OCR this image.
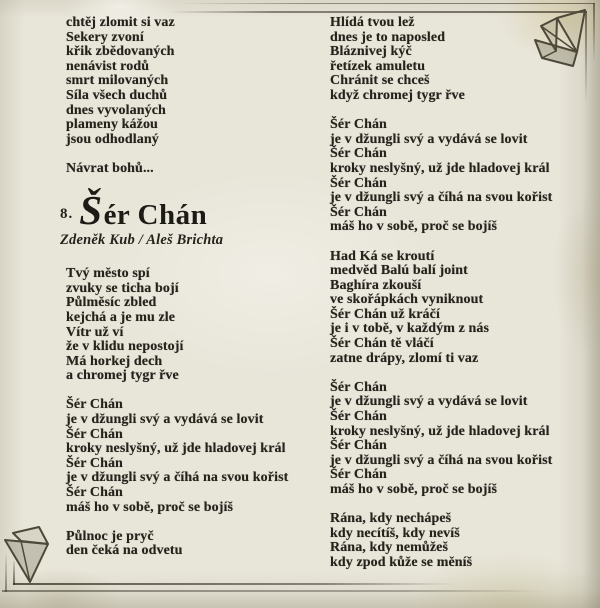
chtěj zlomit si vaz
Sekery zvoní
křik zbědovaných
nenávist rodů
smrt milovaných
Síla všech duchů
dnes vyvolaných
plameny kážou
jsou odhodlaný
Návrat bohů...
8. Šér Chán
Zdeněk Kub / Aleš Brichta
Tvý město spí
zvuky se ticha bojí
Půlměsíc zbled
kejchá a je mu zle
Vítr už ví
že v klidu nepostojí
Má horkej dech
a chromej tygr řve
Šér Chán
je v džungli svý a vydává se lovit
Šér Chán
kroky neslyšný, už jde hladovej král
Šér Chán
je v džungli svý a číhá na svou kořist
Šér Chán
máš ho v sobě, proč se bojíš
Půlnoc je pryč
den čeká na odvetu
Hlídá tvou lež
dnes je to naposled
Bláznivej kýč
řetízek amuletu
Chránit se chceš
když chromej tygr řve
Šér Chán
je v džungli svý a vydává se lovit
Šér Chán
kroky neslyšný, už jde hladovej král
Šér Chán
je v džungli svý a číhá na svou kořist
Šér Chán
máš ho v sobě, proč se bojíš
Had Ká se kroutí
medvěd Balú balí joint
Baghíra zkouší
ve skořápkách vyniknout
Šér Chán už kráčí
je i v tobě, v každým z nás
Šér Chán tě vláčí
zatne drápy, zlomí ti vaz
Šér Chán
je v džungli svý a vydává se lovit
Šér Chán
kroky neslyšný, už jde hladovej král
Šér Chán
je v džungli svý a číhá na svou kořist
Šér Chán
máš ho v sobě, proč se bojíš
Rána, kdy nechápeš
kdy necítíš, kdy nevíš
Rána, kdy nemůžeš
kdy zpod kůže se měníš
